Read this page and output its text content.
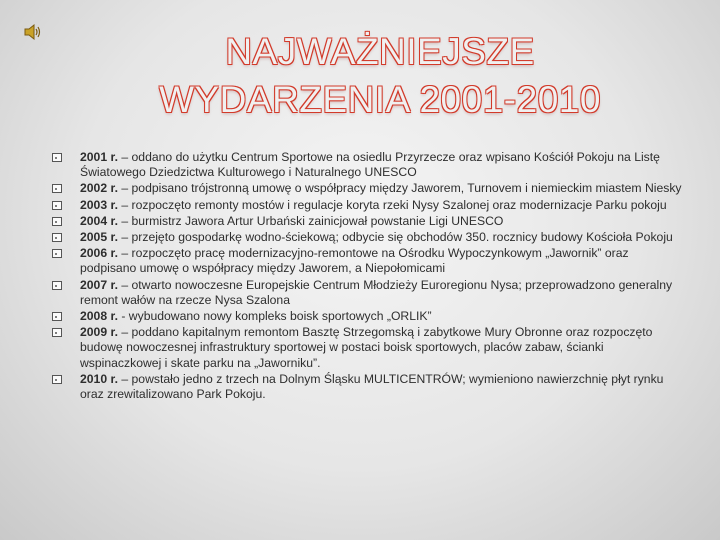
NAJWAŻNIEJSZE
WYDARZENIA 2001-2010
2001 r. – oddano do użytku Centrum Sportowe na osiedlu Przyrzecze oraz wpisano Kościół Pokoju na Listę Światowego Dziedzictwa Kulturowego i Naturalnego UNESCO
2002 r. – podpisano trójstronną umowę o współpracy między Jaworem, Turnovem i niemieckim miastem Niesky
2003 r. – rozpoczęto remonty mostów i regulacje koryta rzeki Nysy Szalonej oraz modernizacje Parku pokoju
2004 r. – burmistrz Jawora Artur Urbański zainicjował powstanie Ligi UNESCO
2005 r. – przejęto gospodarkę wodno-ściekową; odbycie się obchodów 350. rocznicy budowy Kościoła Pokoju
2006 r. – rozpoczęto pracę modernizacyjno-remontowe na Ośrodku Wypoczynkowym „Jawornik” oraz podpisano umowę o współpracy między Jaworem, a Niepołomicami
2007 r. – otwarto nowoczesne Europejskie Centrum Młodzieży Euroregionu Nysa; przeprowadzono generalny remont wałów na rzecze Nysa Szalona
2008 r. - wybudowano nowy kompleks boisk sportowych „ORLIK”
2009 r. – poddano kapitalnym remontom Basztę Strzegomską i zabytkowe Mury Obronne oraz rozpoczęto budowę nowoczesnej infrastruktury sportowej w postaci boisk sportowych, placów zabaw, ścianki wspinaczkowej i skate parku na „Jaworniku”.
2010 r. – powstało jedno z trzech na Dolnym Śląsku MULTICENTRÓW; wymieniono nawierzchnię płyt rynku oraz zrewitalizowano Park Pokoju.
